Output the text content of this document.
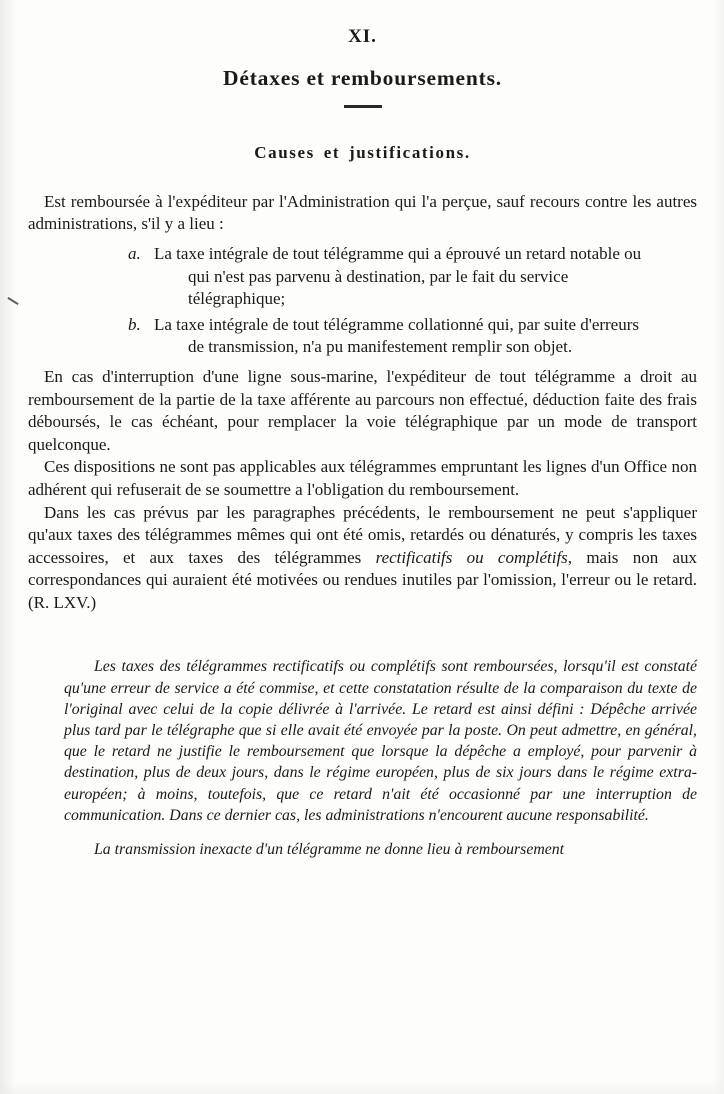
XI.
Détaxes et remboursements.
Causes et justifications.

Est remboursée à l'expéditeur par l'Administration qui l'a perçue, sauf recours contre les autres administrations, s'il y a lieu :

a. La taxe intégrale de tout télégramme qui a éprouvé un retard notable ou qui n'est pas parvenu à destination, par le fait du service télégraphique;

b. La taxe intégrale de tout télégramme collationné qui, par suite d'erreurs de transmission, n'a pu manifestement remplir son objet.

En cas d'interruption d'une ligne sous-marine, l'expéditeur de tout télégramme a droit au remboursement de la partie de la taxe afférente au parcours non effectué, déduction faite des frais déboursés, le cas échéant, pour remplacer la voie télégraphique par un mode de transport quelconque.

Ces dispositions ne sont pas applicables aux télégrammes empruntant les lignes d'un Office non adhérent qui refuserait de se soumettre a l'obligation du remboursement.

Dans les cas prévus par les paragraphes précédents, le remboursement ne peut s'appliquer qu'aux taxes des télégrammes mêmes qui ont été omis, retardés ou dénaturés, y compris les taxes accessoires, et aux taxes des télégrammes rectificatifs ou complétifs, mais non aux correspondances qui auraient été motivées ou rendues inutiles par l'omission, l'erreur ou le retard. (R. LXV.)

Les taxes des télégrammes rectificatifs ou complétifs sont remboursées, lorsqu'il est constaté qu'une erreur de service a été commise, et cette constatation résulte de la comparaison du texte de l'original avec celui de la copie délivrée à l'arrivée. Le retard est ainsi défini : Dépêche arrivée plus tard par le télégraphe que si elle avait été envoyée par la poste. On peut admettre, en général, que le retard ne justifie le remboursement que lorsque la dépêche a employé, pour parvenir à destination, plus de deux jours, dans le régime européen, plus de six jours dans le régime extra-européen; à moins, toutefois, que ce retard n'ait été occasionné par une interruption de communication. Dans ce dernier cas, les administrations n'encourent aucune responsabilité.

La transmission inexacte d'un télégramme ne donne lieu à remboursement
